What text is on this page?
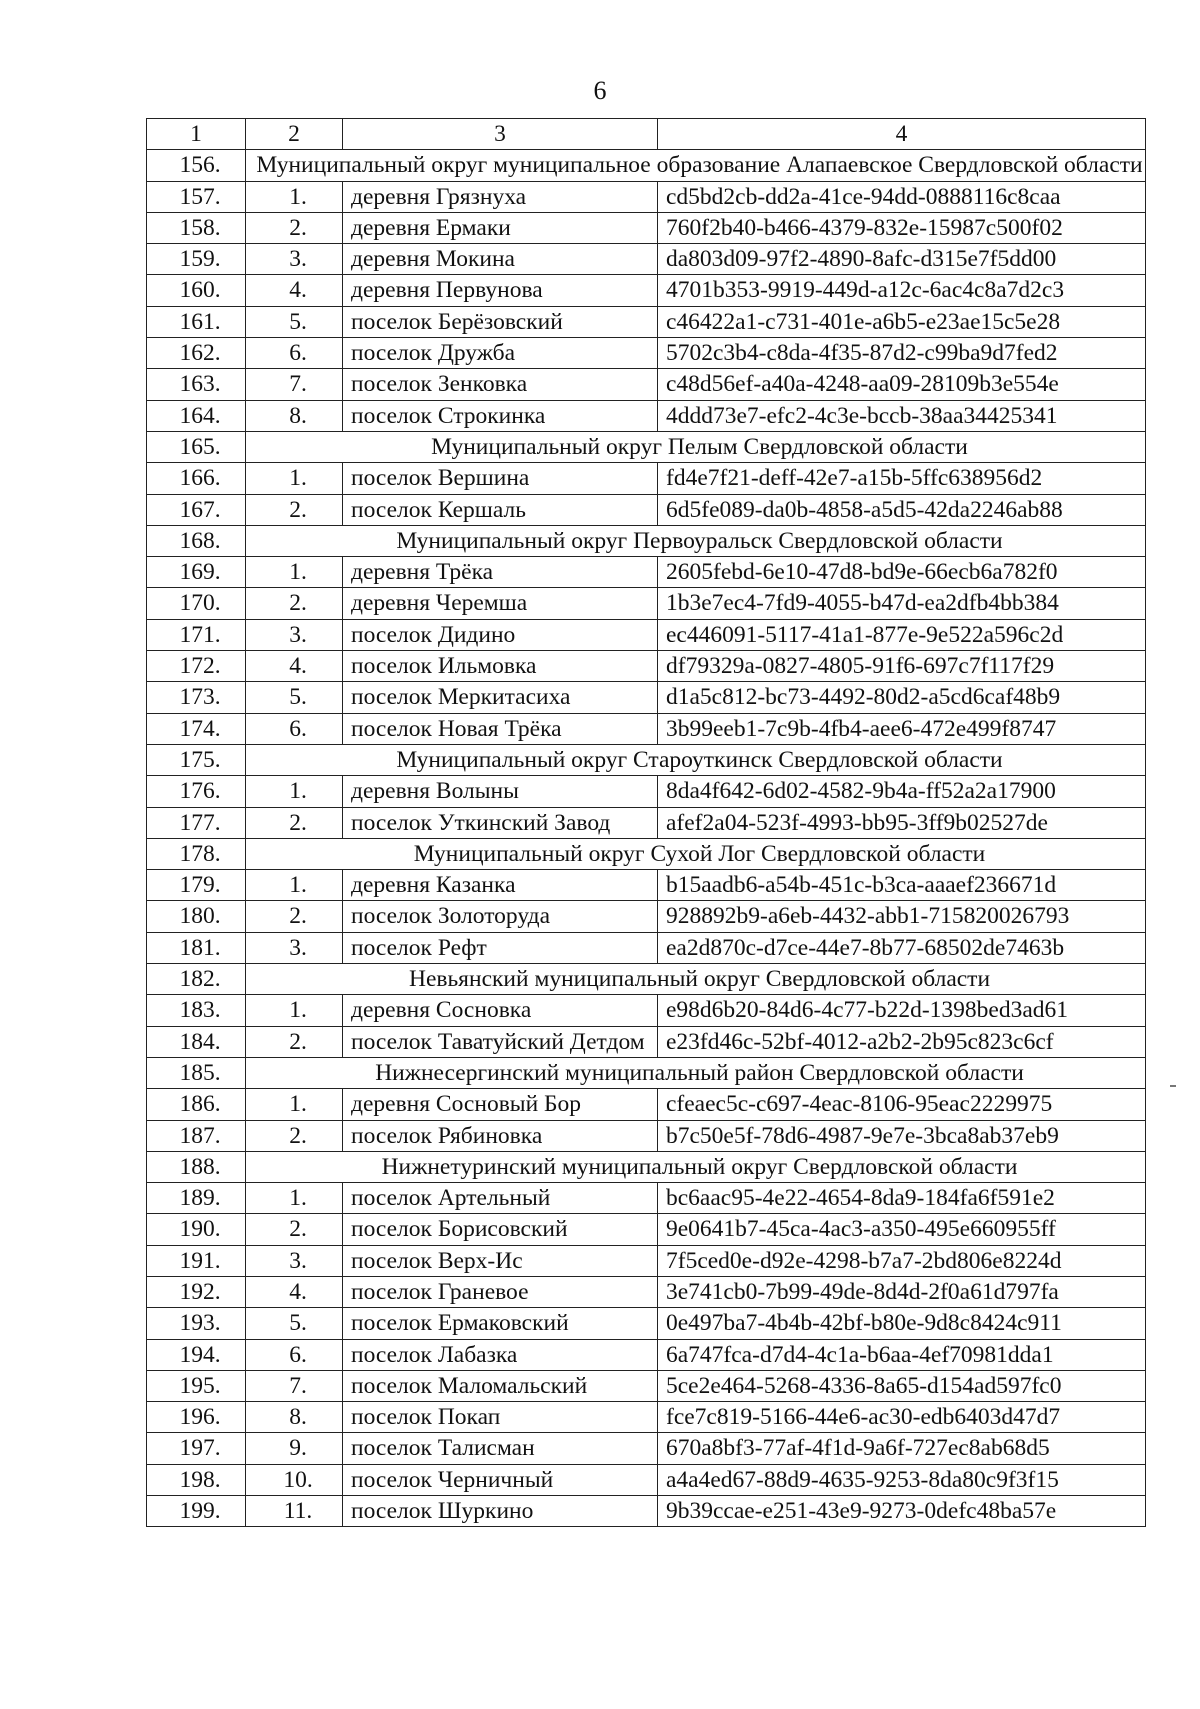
6
1	2	3	4
156.	Муниципальный округ муниципальное образование Алапаевское Свердловской области		
157.	1.	деревня Грязнуха	cd5bd2cb-dd2a-41ce-94dd-0888116c8caa
158.	2.	деревня Ермаки	760f2b40-b466-4379-832e-15987c500f02
159.	3.	деревня Мокина	da803d09-97f2-4890-8afc-d315e7f5dd00
160.	4.	деревня Первунова	4701b353-9919-449d-a12c-6ac4c8a7d2c3
161.	5.	поселок Берёзовский	c46422a1-c731-401e-a6b5-e23ae15c5e28
162.	6.	поселок Дружба	5702c3b4-c8da-4f35-87d2-c99ba9d7fed2
163.	7.	поселок Зенковка	c48d56ef-a40a-4248-aa09-28109b3e554e
164.	8.	поселок Строкинка	4ddd73e7-efc2-4c3e-bccb-38aa34425341
165.	Муниципальный округ Пелым Свердловской области		
166.	1.	поселок Вершина	fd4e7f21-deff-42e7-a15b-5ffc638956d2
167.	2.	поселок Кершаль	6d5fe089-da0b-4858-a5d5-42da2246ab88
168.	Муниципальный округ Первоуральск Свердловской области		
169.	1.	деревня Трёка	2605febd-6e10-47d8-bd9e-66ecb6a782f0
170.	2.	деревня Черемша	1b3e7ec4-7fd9-4055-b47d-ea2dfb4bb384
171.	3.	поселок Дидино	ec446091-5117-41a1-877e-9e522a596c2d
172.	4.	поселок Ильмовка	df79329a-0827-4805-91f6-697c7f117f29
173.	5.	поселок Меркитасиха	d1a5c812-bc73-4492-80d2-a5cd6caf48b9
174.	6.	поселок Новая Трёка	3b99eeb1-7c9b-4fb4-aee6-472e499f8747
175.	Муниципальный округ Староуткинск Свердловской области		
176.	1.	деревня Волыны	8da4f642-6d02-4582-9b4a-ff52a2a17900
177.	2.	поселок Уткинский Завод	afef2a04-523f-4993-bb95-3ff9b02527de
178.	Муниципальный округ Сухой Лог Свердловской области		
179.	1.	деревня Казанка	b15aadb6-a54b-451c-b3ca-aaaef236671d
180.	2.	поселок Золоторуда	928892b9-a6eb-4432-abb1-715820026793
181.	3.	поселок Рефт	ea2d870c-d7ce-44e7-8b77-68502de7463b
182.	Невьянский муниципальный округ Свердловской области		
183.	1.	деревня Сосновка	e98d6b20-84d6-4c77-b22d-1398bed3ad61
184.	2.	поселок Таватуйский Детдом	e23fd46c-52bf-4012-a2b2-2b95c823c6cf
185.	Нижнесергинский муниципальный район Свердловской области		
186.	1.	деревня Сосновый Бор	cfeaec5c-c697-4eac-8106-95eac2229975
187.	2.	поселок Рябиновка	b7c50e5f-78d6-4987-9e7e-3bca8ab37eb9
188.	Нижнетуринский муниципальный округ Свердловской области		
189.	1.	поселок Артельный	bc6aac95-4e22-4654-8da9-184fa6f591e2
190.	2.	поселок Борисовский	9e0641b7-45ca-4ac3-a350-495e660955ff
191.	3.	поселок Верх-Ис	7f5ced0e-d92e-4298-b7a7-2bd806e8224d
192.	4.	поселок Граневое	3e741cb0-7b99-49de-8d4d-2f0a61d797fa
193.	5.	поселок Ермаковский	0e497ba7-4b4b-42bf-b80e-9d8c8424c911
194.	6.	поселок Лабазка	6a747fca-d7d4-4c1a-b6aa-4ef70981dda1
195.	7.	поселок Маломальский	5ce2e464-5268-4336-8a65-d154ad597fc0
196.	8.	поселок Покап	fce7c819-5166-44e6-ac30-edb6403d47d7
197.	9.	поселок Талисман	670a8bf3-77af-4f1d-9a6f-727ec8ab68d5
198.	10.	поселок Черничный	a4a4ed67-88d9-4635-9253-8da80c9f3f15
199.	11.	поселок Шуркино	9b39ccae-e251-43e9-9273-0defc48ba57e
